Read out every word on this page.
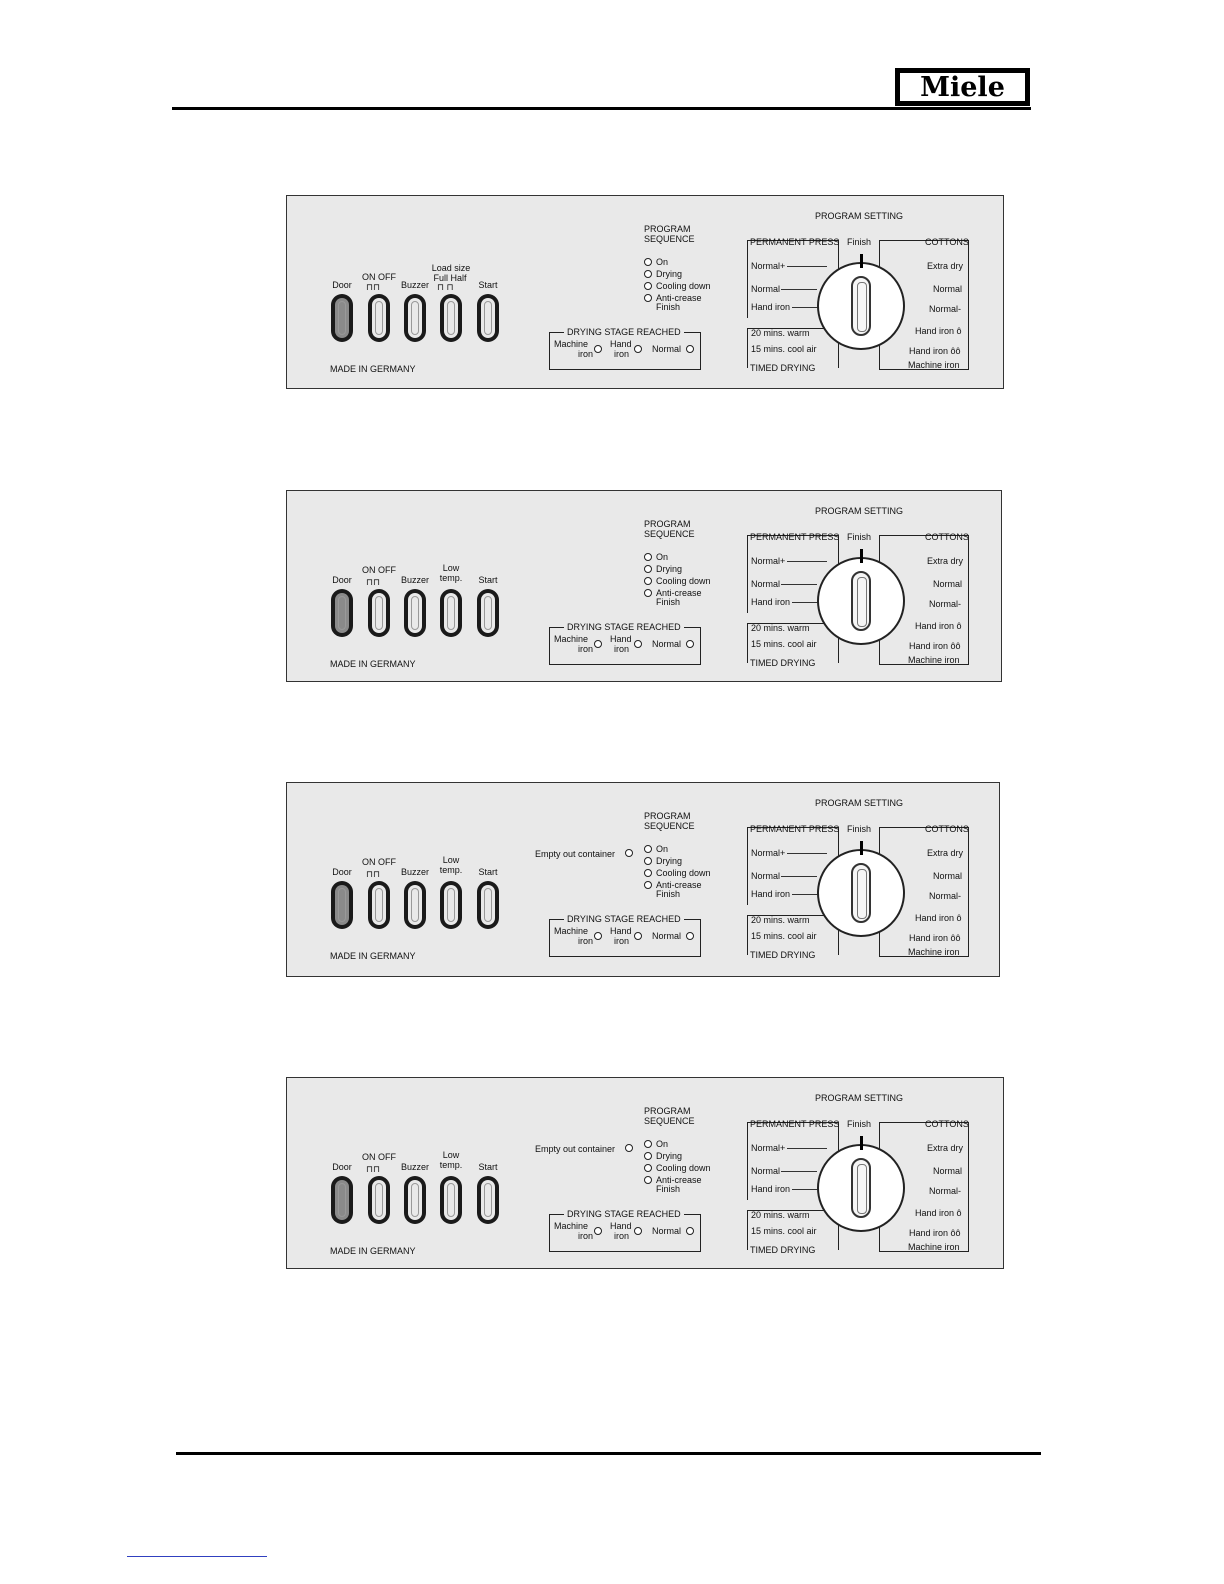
Miele
Door
ON OFF
Buzzer
Load size
Start
⊓⊓
Full Half
⊓ ⊓
MADE IN GERMANY
PROGRAM
SEQUENCE
On
Drying
Cooling down
Anti-crease
Finish
DRYING STAGE REACHED
Machine
iron
Hand
iron	Normal
PROGRAM SETTING
PERMANENT PRESS Finish	COTTONS
Normal+
Normal
Hand iron
Extra dry
Normal
Normal-
Hand iron ô
Hand iron ôô
Machine iron
20 mins. warm
15 mins. cool air
TIMED DRYING
Door
ON OFF
Buzzer
Low temp.	Start
⊓⊓
MADE IN GERMANY
PROGRAM
SEQUENCE
On
Drying
Cooling down
Anti-crease
Finish
DRYING STAGE REACHED
Machine
iron
Hand
iron	Normal
PROGRAM SETTING
PERMANENT PRESS Finish	COTTONS
Normal+
Normal
Hand iron
Extra dry
Normal
Normal-
Hand iron ô
Hand iron ôô
Machine iron
20 mins. warm
15 mins. cool air
TIMED DRYING
Door
ON OFF
Buzzer
Low temp.	Start
⊓⊓
MADE IN GERMANY
Empty out container
PROGRAM
SEQUENCE
On
Drying
Cooling down
Anti-crease
Finish
DRYING STAGE REACHED
Machine
iron
Hand
iron	Normal
PROGRAM SETTING
PERMANENT PRESS Finish	COTTONS
Normal+
Normal
Hand iron
Extra dry
Normal
Normal-
Hand iron ô
Hand iron ôô
Machine iron
20 mins. warm
15 mins. cool air
TIMED DRYING
Door
ON OFF
Buzzer
Low temp.	Start
⊓⊓
MADE IN GERMANY
Empty out container
PROGRAM
SEQUENCE
On
Drying
Cooling down
Anti-crease
Finish
DRYING STAGE REACHED
Machine
iron
Hand
iron	Normal
PROGRAM SETTING
PERMANENT PRESS Finish	COTTONS
Normal+
Normal
Hand iron
Extra dry
Normal
Normal-
Hand iron ô
Hand iron ôô
Machine iron
20 mins. warm
15 mins. cool air
TIMED DRYING
